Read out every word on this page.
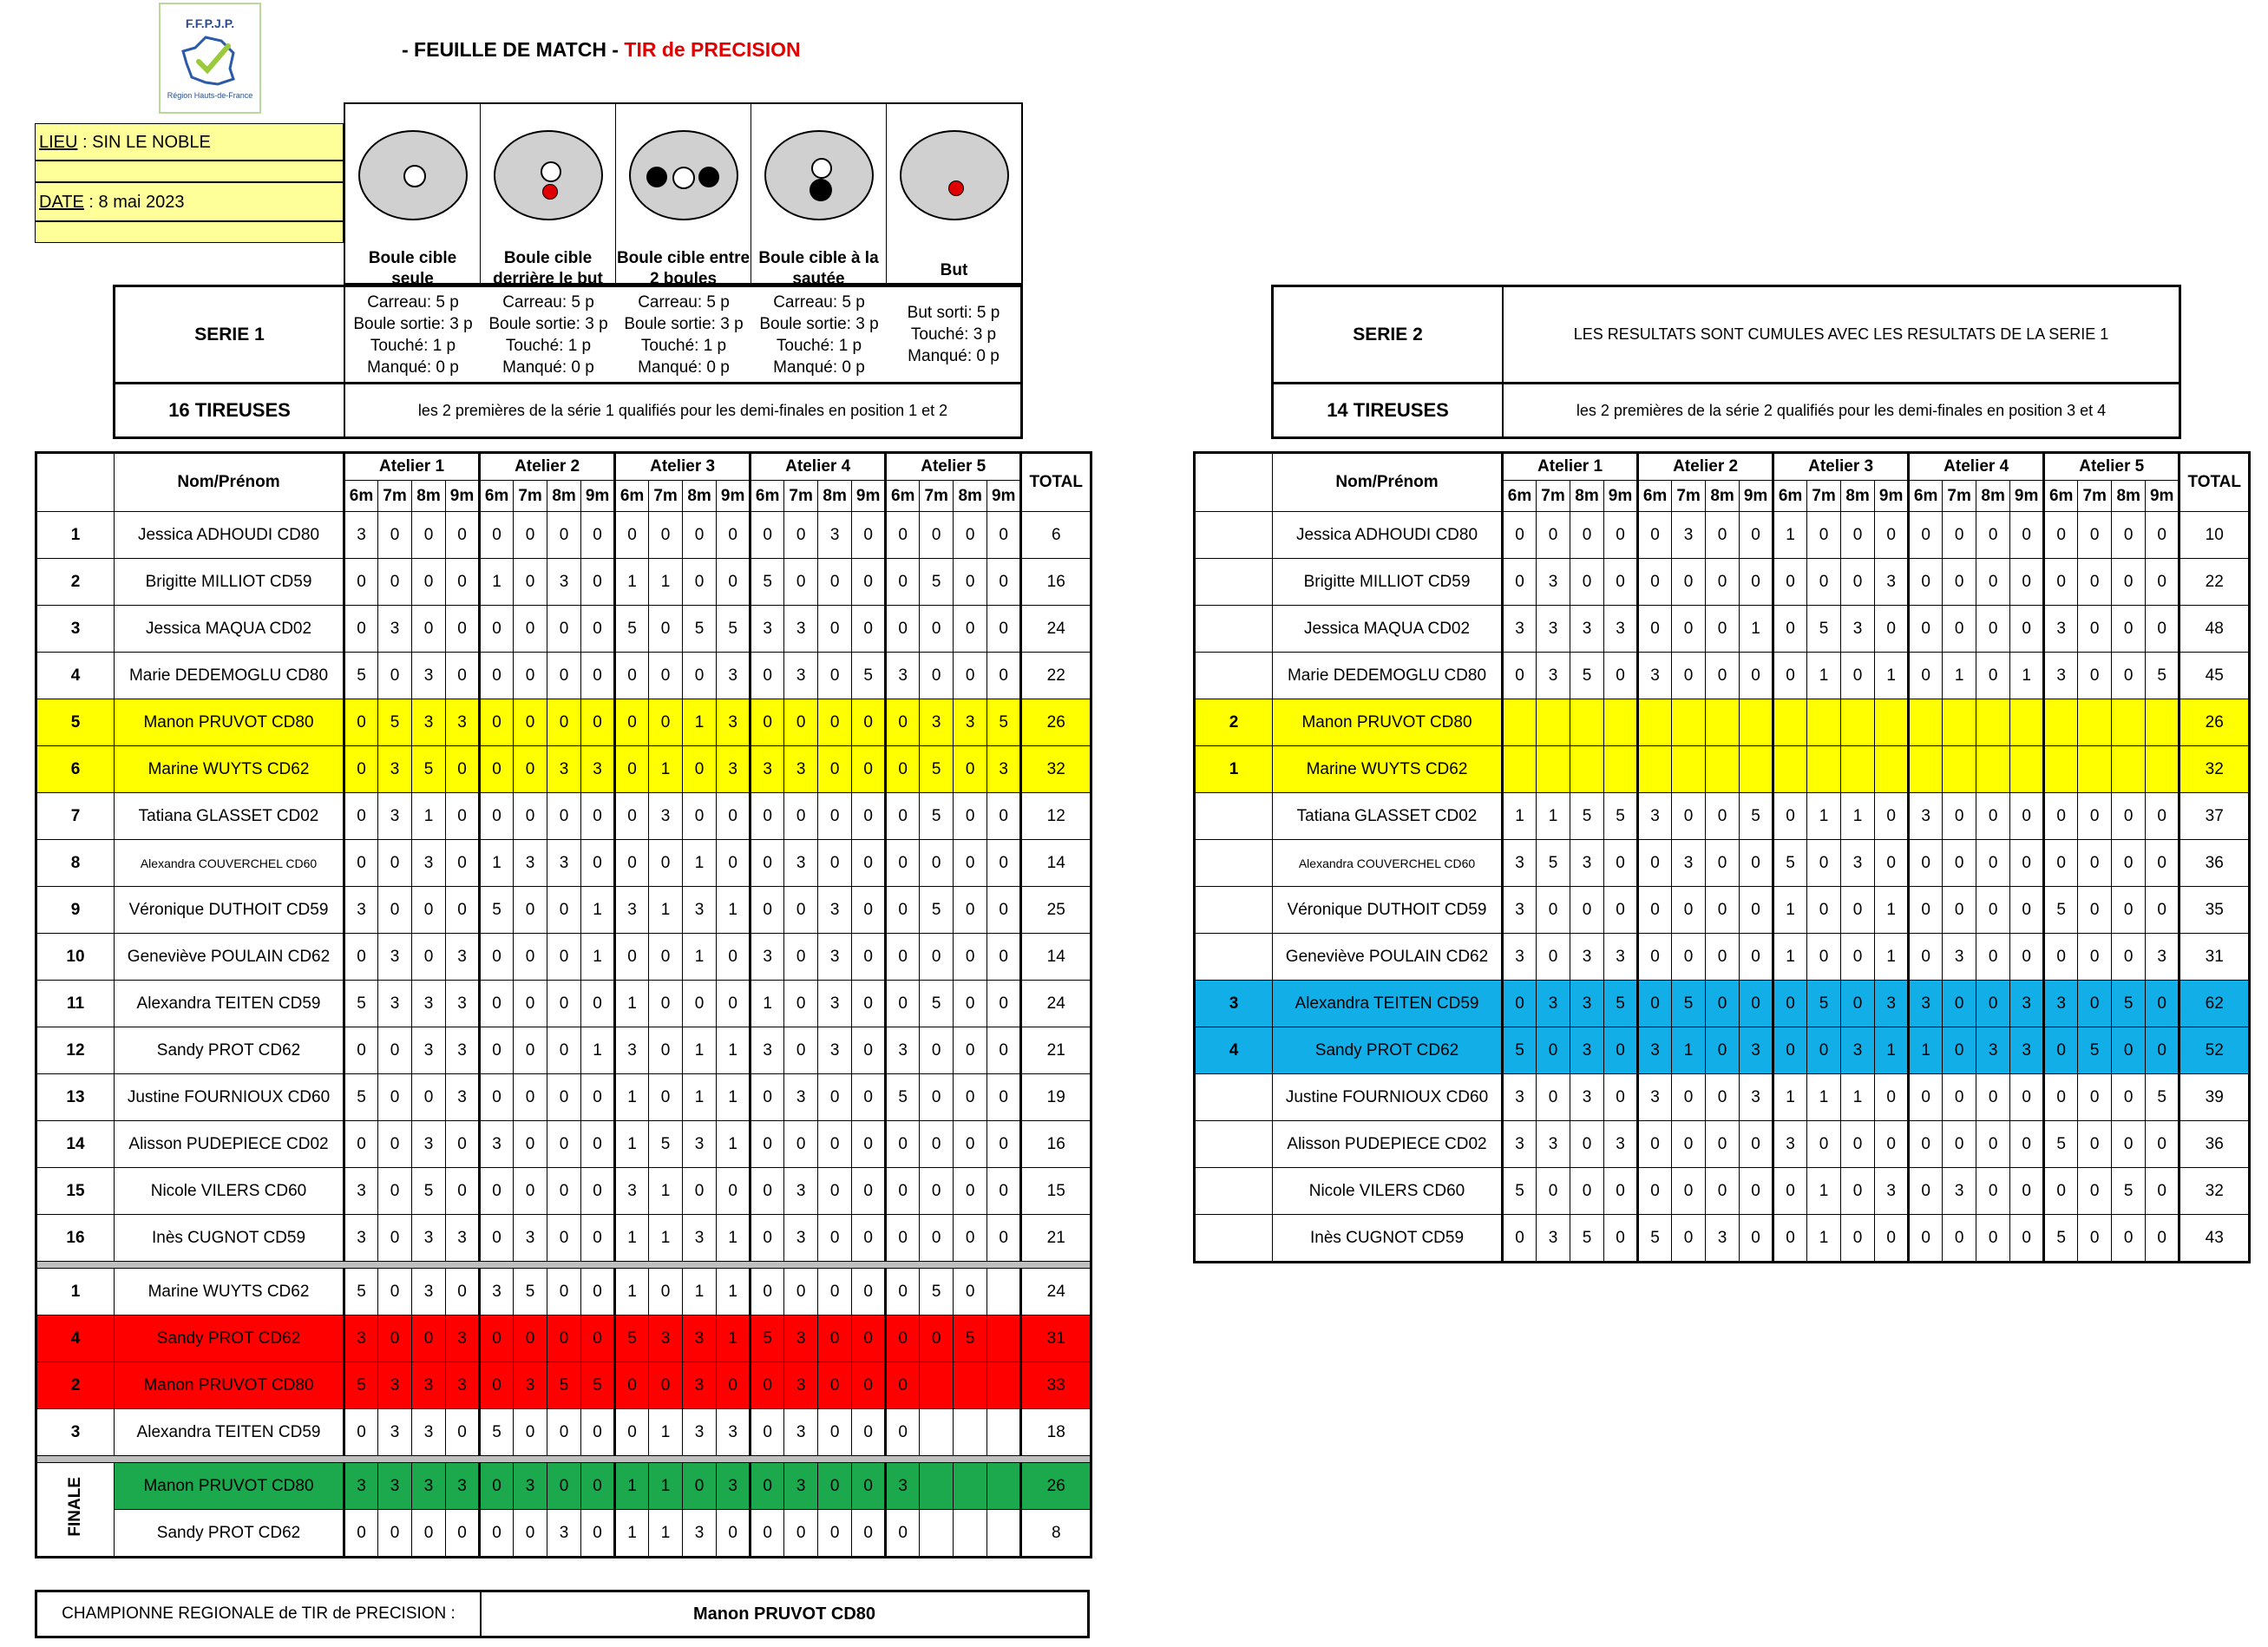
F.F.P.J.P.
Région Hauts-de-France
- FEUILLE DE MATCH - TIR de PRECISION
LIEU : SIN LE NOBLE
DATE : 8 mai 2023
Boule cible seule
Boule cible derrière le but
Boule cible entre 2 boules
Boule cible à la sautée	But
SERIE 1
Carreau: 5 p
Boule sortie: 3 p
Touché: 1 p
Manqué: 0 p
Carreau: 5 p
Boule sortie: 3 p
Touché: 1 p
Manqué: 0 p
Carreau: 5 p
Boule sortie: 3 p
Touché: 1 p
Manqué: 0 p
Carreau: 5 p
Boule sortie: 3 p
Touché: 1 p
Manqué: 0 p
But sorti: 5 p
Touché: 3 p
Manqué: 0 p
16 TIREUSES	les 2 premières de la série 1 qualifiés pour les demi-finales en position 1 et 2
SERIE 2	LES RESULTATS SONT CUMULES AVEC LES RESULTATS DE LA SERIE 1
14 TIREUSES	les 2 premières de la série 2 qualifiés pour les demi-finales en position 3 et 4
	Nom/Prénom	Atelier 1				Atelier 2				Atelier 3				Atelier 4				Atelier 5				TOTAL
		6m	7m	8m	9m	6m	7m	8m	9m	6m	7m	8m	9m	6m	7m	8m	9m	6m	7m	8m	9m	
1	Jessica ADHOUDI CD80	3	0	0	0	0	0	0	0	0	0	0	0	0	0	3	0	0	0	0	0	6
2	Brigitte MILLIOT CD59	0	0	0	0	1	0	3	0	1	1	0	0	5	0	0	0	0	5	0	0	16
3	Jessica MAQUA CD02	0	3	0	0	0	0	0	0	5	0	5	5	3	3	0	0	0	0	0	0	24
4	Marie DEDEMOGLU CD80	5	0	3	0	0	0	0	0	0	0	0	3	0	3	0	5	3	0	0	0	22
5	Manon PRUVOT CD80	0	5	3	3	0	0	0	0	0	0	1	3	0	0	0	0	0	3	3	5	26
6	Marine WUYTS CD62	0	3	5	0	0	0	3	3	0	1	0	3	3	3	0	0	0	5	0	3	32
7	Tatiana GLASSET CD02	0	3	1	0	0	0	0	0	0	3	0	0	0	0	0	0	0	5	0	0	12
8	Alexandra COUVERCHEL CD60	0	0	3	0	1	3	3	0	0	0	1	0	0	3	0	0	0	0	0	0	14
9	Véronique DUTHOIT CD59	3	0	0	0	5	0	0	1	3	1	3	1	0	0	3	0	0	5	0	0	25
10	Geneviève POULAIN CD62	0	3	0	3	0	0	0	1	0	0	1	0	3	0	3	0	0	0	0	0	14
11	Alexandra TEITEN CD59	5	3	3	3	0	0	0	0	1	0	0	0	1	0	3	0	0	5	0	0	24
12	Sandy PROT CD62	0	0	3	3	0	0	0	1	3	0	1	1	3	0	3	0	3	0	0	0	21
13	Justine FOURNIOUX CD60	5	0	0	3	0	0	0	0	1	0	1	1	0	3	0	0	5	0	0	0	19
14	Alisson PUDEPIECE CD02	0	0	3	0	3	0	0	0	1	5	3	1	0	0	0	0	0	0	0	0	16
15	Nicole VILERS CD60	3	0	5	0	0	0	0	0	3	1	0	0	0	3	0	0	0	0	0	0	15
16	Inès CUGNOT CD59	3	0	3	3	0	3	0	0	1	1	3	1	0	3	0	0	0	0	0	0	21

1	Marine WUYTS CD62	5	0	3	0	3	5	0	0	1	0	1	1	0	0	0	0	0	5	0		24
4	Sandy PROT CD62	3	0	0	3	0	0	0	0	5	3	3	1	5	3	0	0	0	0	5		31
2	Manon PRUVOT CD80	5	3	3	3	0	3	5	5	0	0	3	0	0	3	0	0	0				33
3	Alexandra TEITEN CD59	0	3	3	0	5	0	0	0	0	1	3	3	0	3	0	0	0				18

FINALE	Manon PRUVOT CD80	3	3	3	3	0	3	0	0	1	1	0	3	0	3	0	0	3				26
	Sandy PROT CD62	0	0	0	0	0	0	3	0	1	1	3	0	0	0	0	0	0				8
	Nom/Prénom	Atelier 1				Atelier 2				Atelier 3				Atelier 4				Atelier 5				TOTAL
		6m	7m	8m	9m	6m	7m	8m	9m	6m	7m	8m	9m	6m	7m	8m	9m	6m	7m	8m	9m	
	Jessica ADHOUDI CD80	0	0	0	0	0	3	0	0	1	0	0	0	0	0	0	0	0	0	0	0	10
	Brigitte MILLIOT CD59	0	3	0	0	0	0	0	0	0	0	0	3	0	0	0	0	0	0	0	0	22
	Jessica MAQUA CD02	3	3	3	3	0	0	0	1	0	5	3	0	0	0	0	0	3	0	0	0	48
	Marie DEDEMOGLU CD80	0	3	5	0	3	0	0	0	0	1	0	1	0	1	0	1	3	0	0	5	45
2	Manon PRUVOT CD80																					26
1	Marine WUYTS CD62																					32
	Tatiana GLASSET CD02	1	1	5	5	3	0	0	5	0	1	1	0	3	0	0	0	0	0	0	0	37
	Alexandra COUVERCHEL CD60	3	5	3	0	0	3	0	0	5	0	3	0	0	0	0	0	0	0	0	0	36
	Véronique DUTHOIT CD59	3	0	0	0	0	0	0	0	1	0	0	1	0	0	0	0	5	0	0	0	35
	Geneviève POULAIN CD62	3	0	3	3	0	0	0	0	1	0	0	1	0	3	0	0	0	0	0	3	31
3	Alexandra TEITEN CD59	0	3	3	5	0	5	0	0	0	5	0	3	3	0	0	3	3	0	5	0	62
4	Sandy PROT CD62	5	0	3	0	3	1	0	3	0	0	3	1	1	0	3	3	0	5	0	0	52
	Justine FOURNIOUX CD60	3	0	3	0	3	0	0	3	1	1	1	0	0	0	0	0	0	0	0	5	39
	Alisson PUDEPIECE CD02	3	3	0	3	0	0	0	0	3	0	0	0	0	0	0	0	5	0	0	0	36
	Nicole VILERS CD60	5	0	0	0	0	0	0	0	0	1	0	3	0	3	0	0	0	0	5	0	32
	Inès CUGNOT CD59	0	3	5	0	5	0	3	0	0	1	0	0	0	0	0	0	5	0	0	0	43
CHAMPIONNE REGIONALE de TIR de PRECISION :	Manon PRUVOT CD80
